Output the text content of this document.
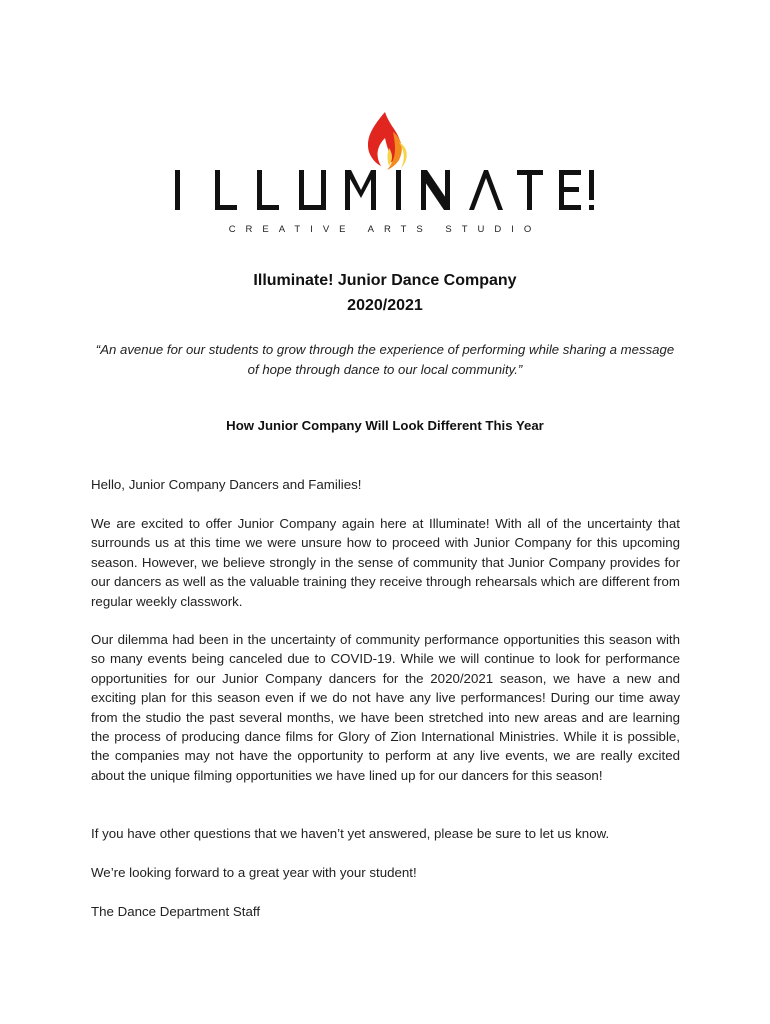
CREATIVE ARTS STUDIO
Illuminate! Junior Dance Company
2020/2021
“An avenue for our students to grow through the experience of performing while sharing a message of hope through dance to our local community.”
How Junior Company Will Look Different This Year
Hello, Junior Company Dancers and Families!
We are excited to offer Junior Company again here at Illuminate! With all of the uncertainty that surrounds us at this time we were unsure how to proceed with Junior Company for this upcoming season. However, we believe strongly in the sense of community that Junior Company provides for our dancers as well as the valuable training they receive through rehearsals which are different from regular weekly classwork.
Our dilemma had been in the uncertainty of community performance opportunities this season with so many events being canceled due to COVID-19. While we will continue to look for performance opportunities for our Junior Company dancers for the 2020/2021 season, we have a new and exciting plan for this season even if we do not have any live performances! During our time away from the studio the past several months, we have been stretched into new areas and are learning the process of producing dance films for Glory of Zion International Ministries. While it is possible, the companies may not have the opportunity to perform at any live events, we are really excited about the unique filming opportunities we have lined up for our dancers for this season!
If you have other questions that we haven’t yet answered, please be sure to let us know.
We’re looking forward to a great year with your student!
The Dance Department Staff
